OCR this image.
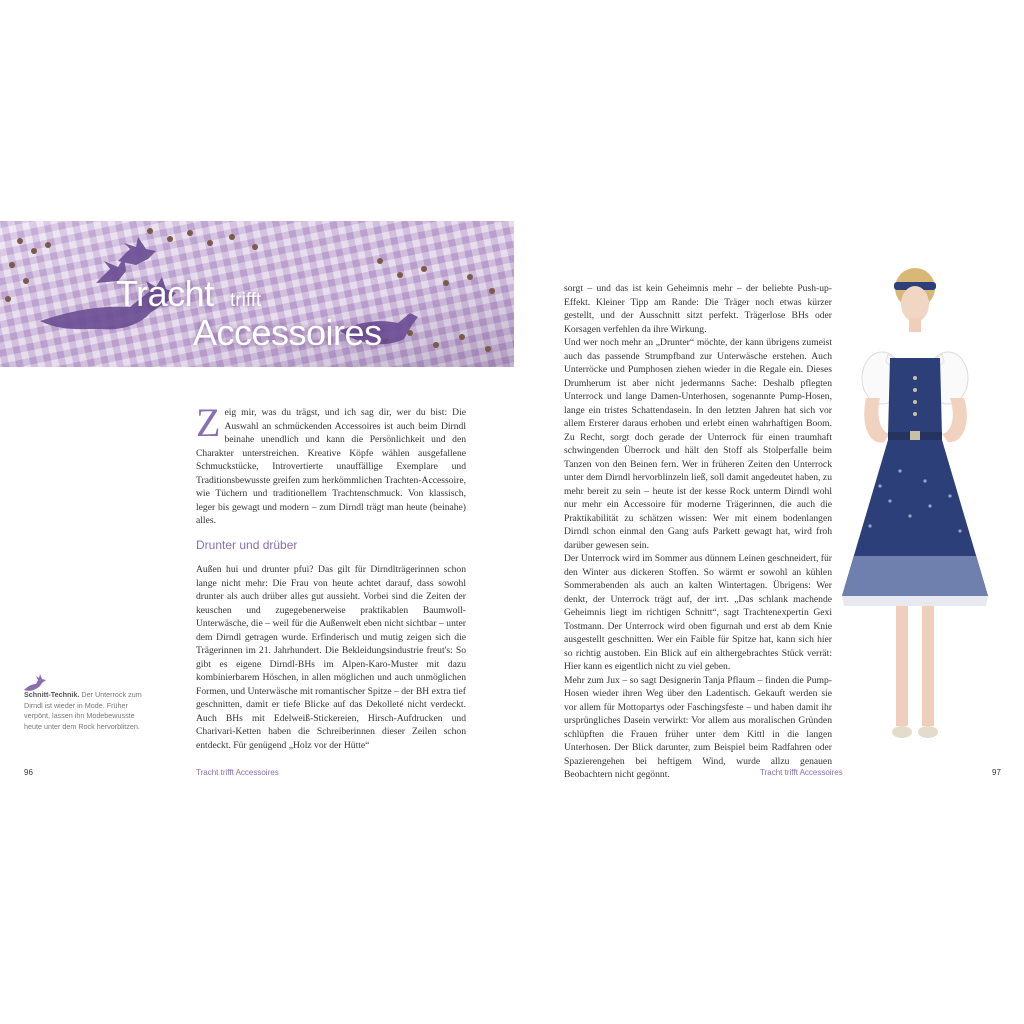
Tracht trifft
Accessoires
Z eig mir, was du trägst, und ich sag dir, wer du bist: Die Auswahl an schmückenden Accessoires ist auch beim Dirndl beinahe unendlich und kann die Persönlichkeit und den Charakter unterstreichen. Kreative Köpfe wählen ausgefallene Schmuckstücke, Introvertierte unauffällige Exemplare und Traditionsbewusste greifen zum herkömmlichen Trachten-Accessoire, wie Tüchern und traditionellem Trachtenschmuck. Von klassisch, leger bis gewagt und modern – zum Dirndl trägt man heute (beinahe) alles.
Drunter und drüber

Außen hui und drunter pfui? Das gilt für Dirndlträgerinnen schon lange nicht mehr: Die Frau von heute achtet darauf, dass sowohl drunter als auch drüber alles gut aussieht. Vorbei sind die Zeiten der keuschen und zugegebenerweise praktikablen Baumwoll-Unterwäsche, die – weil für die Außenwelt eben nicht sichtbar – unter dem Dirndl getragen wurde. Erfinderisch und mutig zeigen sich die Trägerinnen im 21. Jahrhundert. Die Bekleidungsindustrie freut's: So gibt es eigene Dirndl-BHs im Alpen-Karo-Muster mit dazu kombinierbarem Höschen, in allen möglichen und auch unmöglichen Formen, und Unterwäsche mit romantischer Spitze – der BH extra tief geschnitten, damit er tiefe Blicke auf das Dekolleté nicht verdeckt. Auch BHs mit Edelweiß-Stickereien, Hirsch-Aufdrucken und Charivari-Ketten haben die Schreiberinnen dieser Zeilen schon entdeckt. Für genügend „Holz vor der Hütte“

Schnitt-Technik. Der Unterrock zum Dirndl ist wieder in Mode. Früher verpönt, lassen ihn Modebewusste heute unter dem Rock hervorblitzen.

sorgt – und das ist kein Geheimnis mehr – der beliebte Push-up-Effekt. Kleiner Tipp am Rande: Die Träger noch etwas kürzer gestellt, und der Ausschnitt sitzt perfekt. Trägerlose BHs oder Korsagen verfehlen da ihre Wirkung.

Und wer noch mehr an „Drunter“ möchte, der kann übrigens zumeist auch das passende Strumpfband zur Unterwäsche erstehen. Auch Unterröcke und Pumphosen ziehen wieder in die Regale ein. Dieses Drumherum ist aber nicht jedermanns Sache: Deshalb pflegten Unterrock und lange Damen-Unterhosen, sogenannte Pump-Hosen, lange ein tristes Schattendasein. In den letzten Jahren hat sich vor allem Ersterer daraus erhoben und erlebt einen wahrhaftigen Boom. Zu Recht, sorgt doch gerade der Unterrock für einen traumhaft schwingenden Überrock und hält den Stoff als Stolperfalle beim Tanzen von den Beinen fern. Wer in früheren Zeiten den Unterrock unter dem Dirndl hervorblinzeln ließ, soll damit angedeutet haben, zu mehr bereit zu sein – heute ist der kesse Rock unterm Dirndl wohl nur mehr ein Accessoire für moderne Trägerinnen, die auch die Praktikabilität zu schätzen wissen: Wer mit einem bodenlangen Dirndl schon einmal den Gang aufs Parkett gewagt hat, wird froh darüber gewesen sein.

Der Unterrock wird im Sommer aus dünnem Leinen geschneidert, für den Winter aus dickeren Stoffen. So wärmt er sowohl an kühlen Sommerabenden als auch an kalten Wintertagen. Übrigens: Wer denkt, der Unterrock trägt auf, der irrt. „Das schlank machende Geheimnis liegt im richtigen Schnitt“, sagt Trachtenexpertin Gexi Tostmann. Der Unterrock wird oben figurnah und erst ab dem Knie ausgestellt geschnitten. Wer ein Faible für Spitze hat, kann sich hier so richtig austoben. Ein Blick auf ein althergebrachtes Stück verrät: Hier kann es eigentlich nicht zu viel geben.

Mehr zum Jux – so sagt Designerin Tanja Pflaum – finden die Pump-Hosen wieder ihren Weg über den Ladentisch. Gekauft werden sie vor allem für Mottopartys oder Faschingsfeste – und haben damit ihr ursprüngliches Dasein verwirkt: Vor allem aus moralischen Gründen schlüpften die Frauen früher unter dem Kittl in die langen Unterhosen. Der Blick darunter, zum Beispiel beim Radfahren oder Spazierengehen bei heftigem Wind, wurde allzu genauen Beobachtern nicht gegönnt.

96	Tracht trifft Accessoires	Tracht trifft Accessoires	97
